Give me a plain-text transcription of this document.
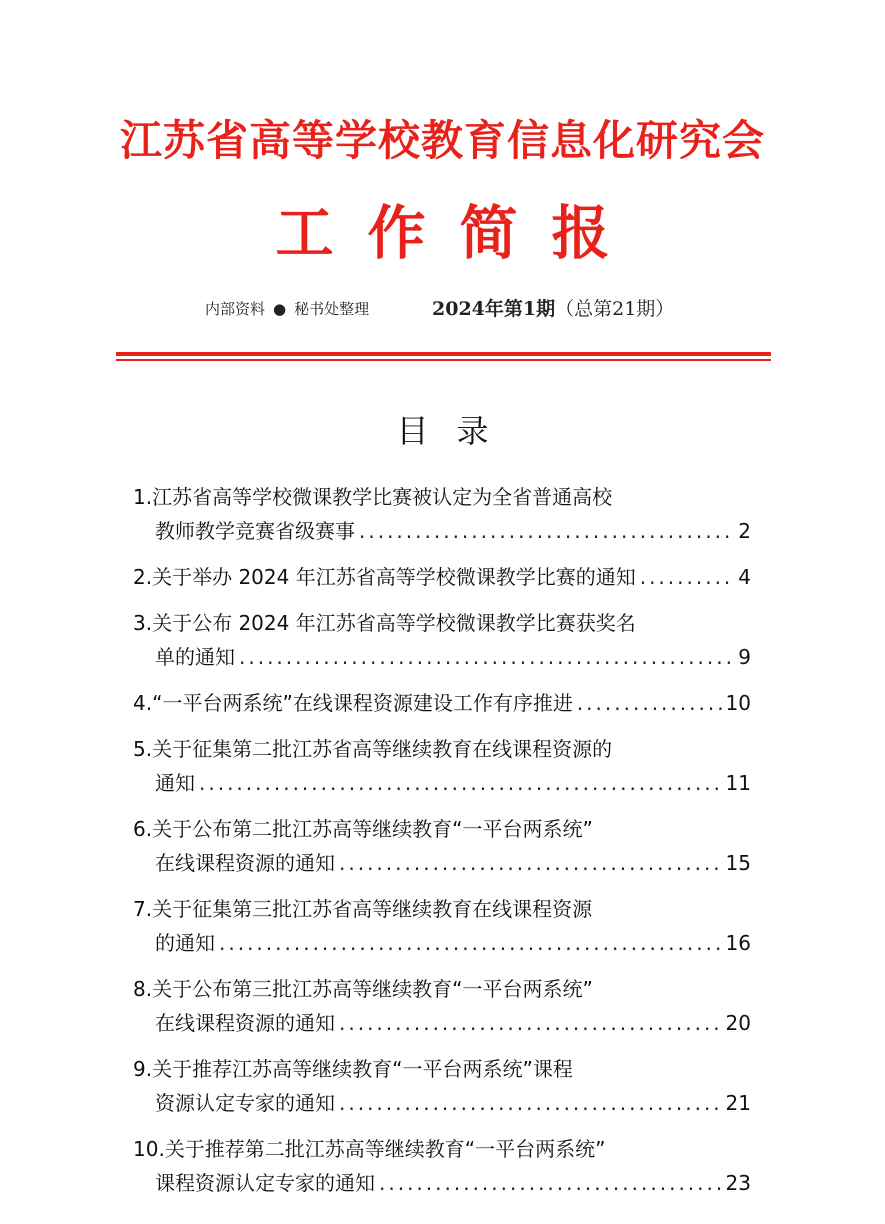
江苏省高等学校教育信息化研究会
工作简报
内部资料 ● 秘书处整理	2024年第1期（总第21期）
目录
1.江苏省高等学校微课教学比赛被认定为全省普通高校
教师教学竞赛省级赛事 .....	2
2. 关于举办 2024 年江苏省高等学校微课教学比赛的通知 .....	4
3.关于公布 2024 年江苏省高等学校微课教学比赛获奖名
单的通知 .....	9
4. “一平台两系统”在线课程资源建设工作有序推进 .....	10
5.关于征集第二批江苏省高等继续教育在线课程资源的
通知 .....	11
6.关于公布第二批江苏高等继续教育“一平台两系统”
在线课程资源的通知 .....	15
7.关于征集第三批江苏省高等继续教育在线课程资源
的通知 .....	16
8.关于公布第三批江苏高等继续教育“一平台两系统”
在线课程资源的通知 .....	20
9.关于推荐江苏高等继续教育“一平台两系统”课程
资源认定专家的通知 .....	21
10.关于推荐第二批江苏高等继续教育“一平台两系统”
课程资源认定专家的通知 .....	23
